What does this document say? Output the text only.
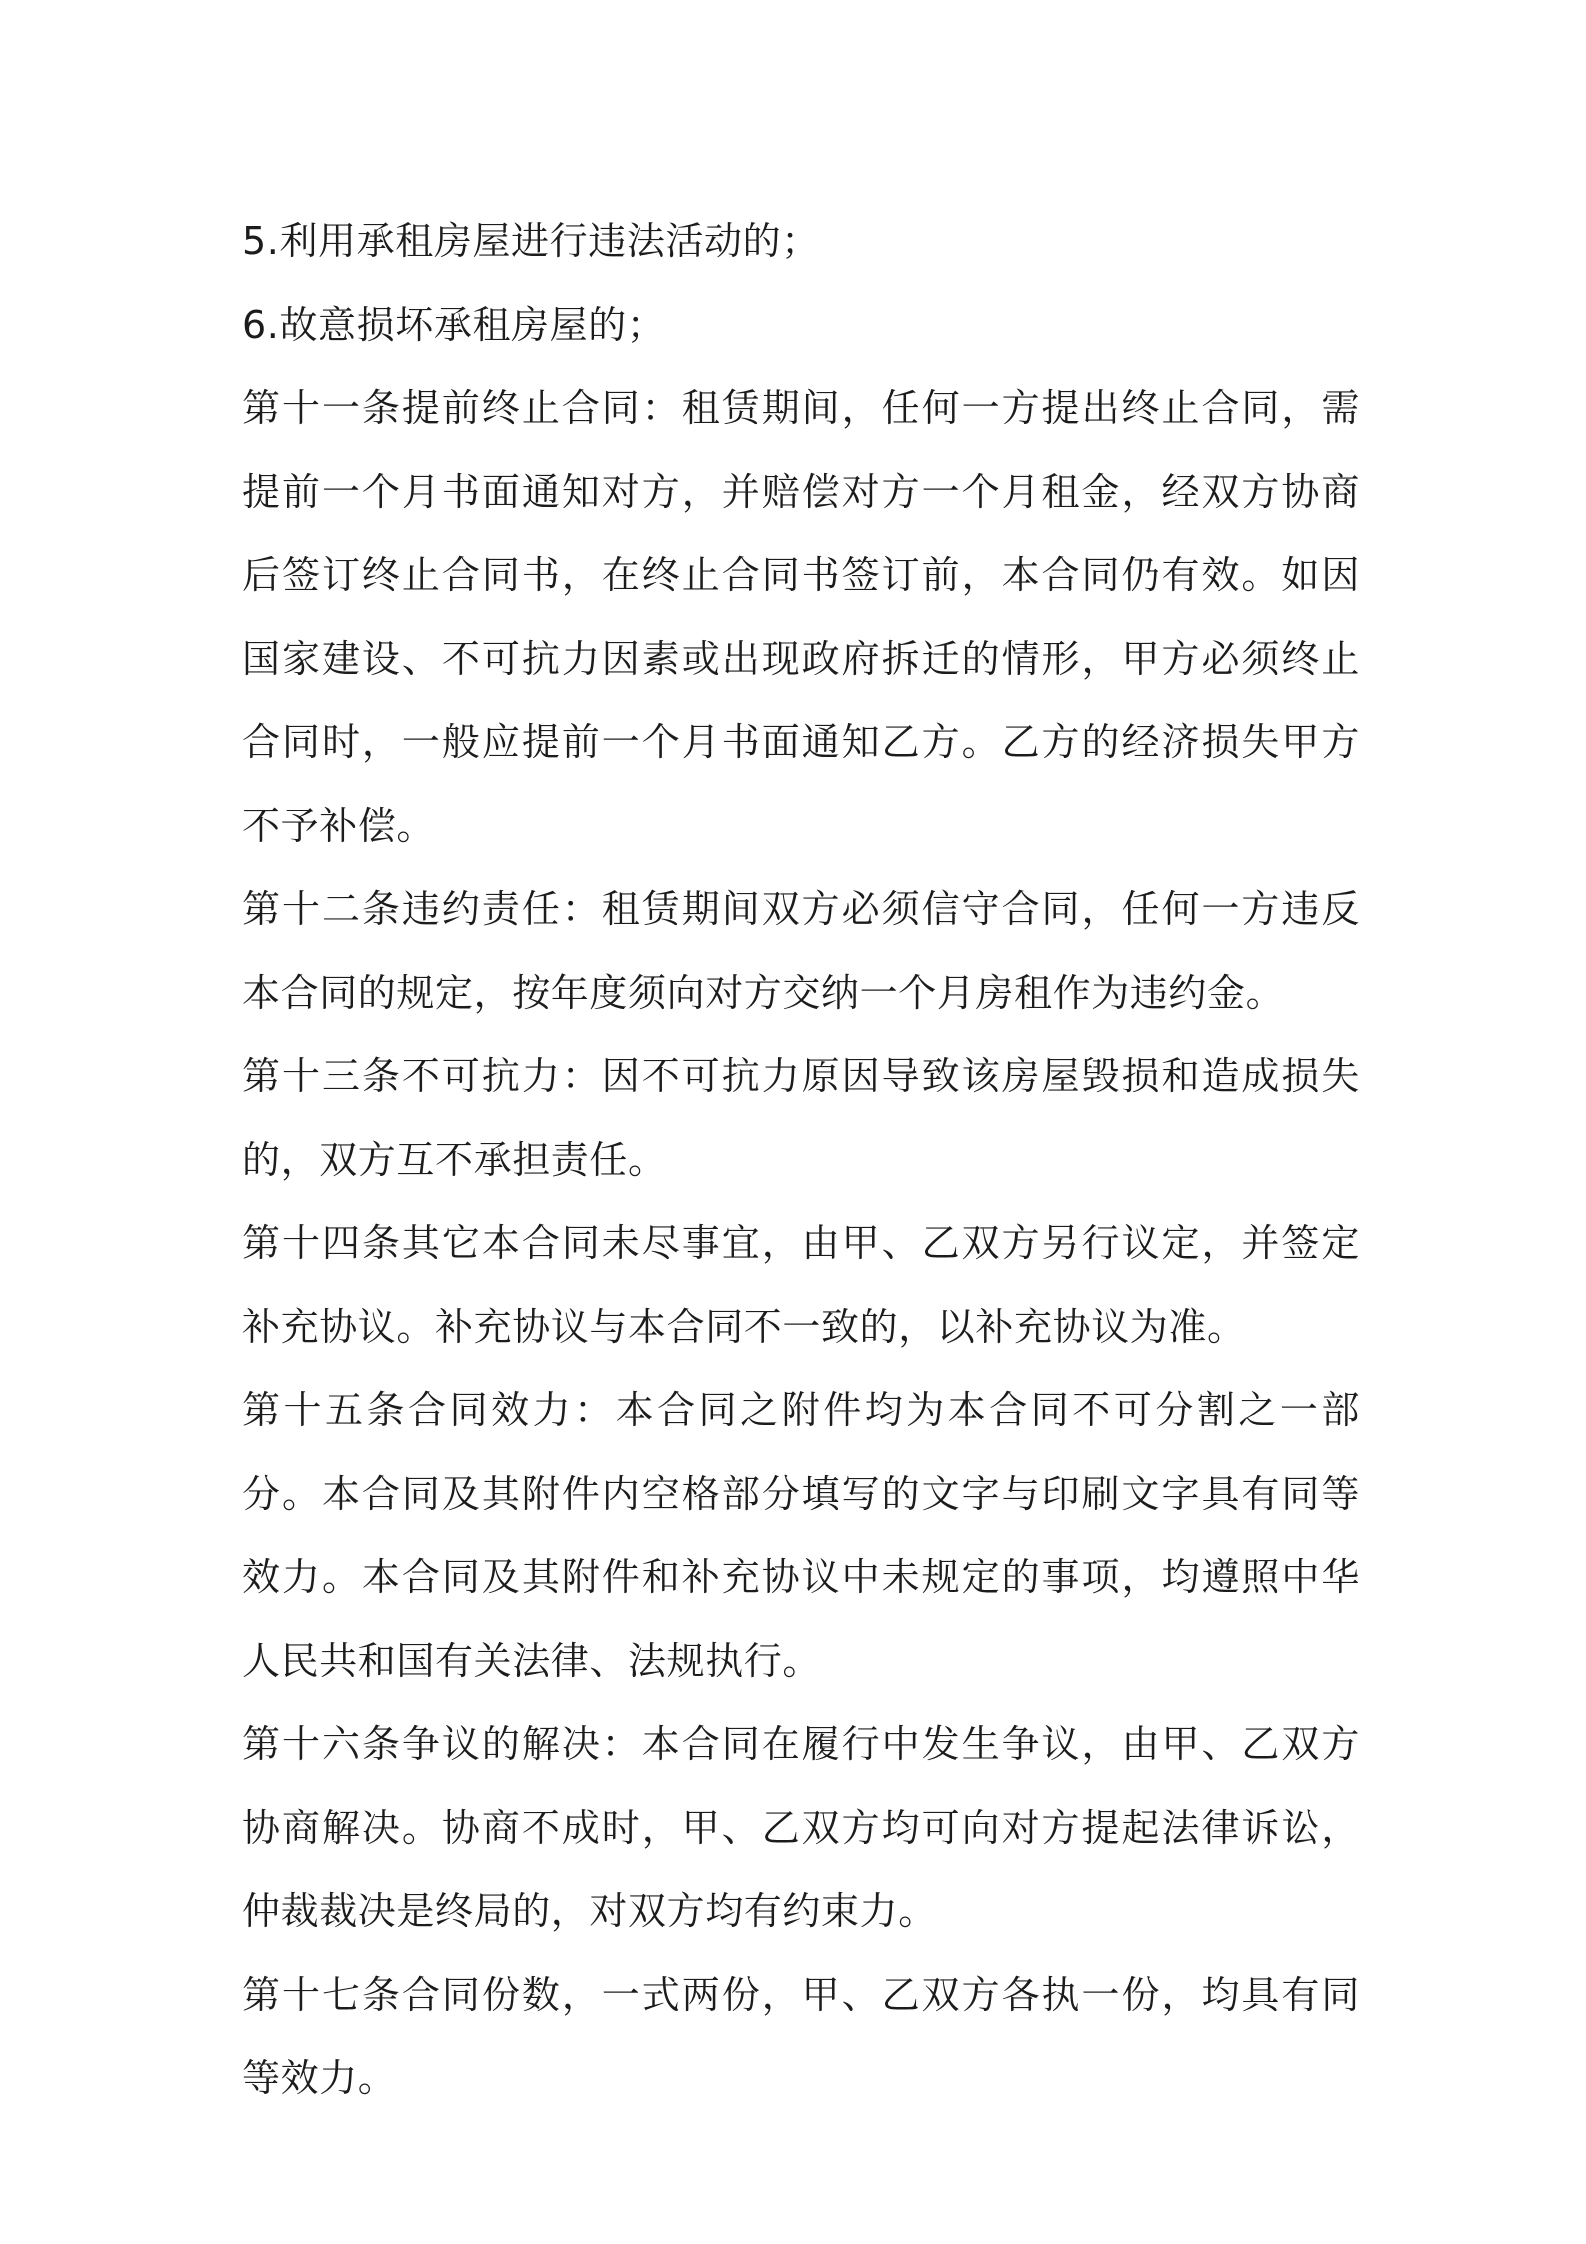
5.利用承租房屋进行违法活动的；

6.故意损坏承租房屋的；

第十一条提前终止合同：租赁期间，任何一方提出终止合同，需提前一个月书面通知对方，并赔偿对方一个月租金，经双方协商后签订终止合同书，在终止合同书签订前，本合同仍有效。如因国家建设、不可抗力因素或出现政府拆迁的情形，甲方必须终止合同时，一般应提前一个月书面通知乙方。乙方的经济损失甲方不予补偿。

第十二条违约责任：租赁期间双方必须信守合同，任何一方违反本合同的规定，按年度须向对方交纳一个月房租作为违约金。

第十三条不可抗力：因不可抗力原因导致该房屋毁损和造成损失的，双方互不承担责任。

第十四条其它本合同未尽事宜，由甲、乙双方另行议定，并签定补充协议。补充协议与本合同不一致的，以补充协议为准。

第十五条合同效力：本合同之附件均为本合同不可分割之一部分。本合同及其附件内空格部分填写的文字与印刷文字具有同等效力。本合同及其附件和补充协议中未规定的事项，均遵照中华人民共和国有关法律、法规执行。

第十六条争议的解决：本合同在履行中发生争议，由甲、乙双方协商解决。协商不成时，甲、乙双方均可向对方提起法律诉讼，仲裁裁决是终局的，对双方均有约束力。

第十七条合同份数，一式两份，甲、乙双方各执一份，均具有同等效力。
